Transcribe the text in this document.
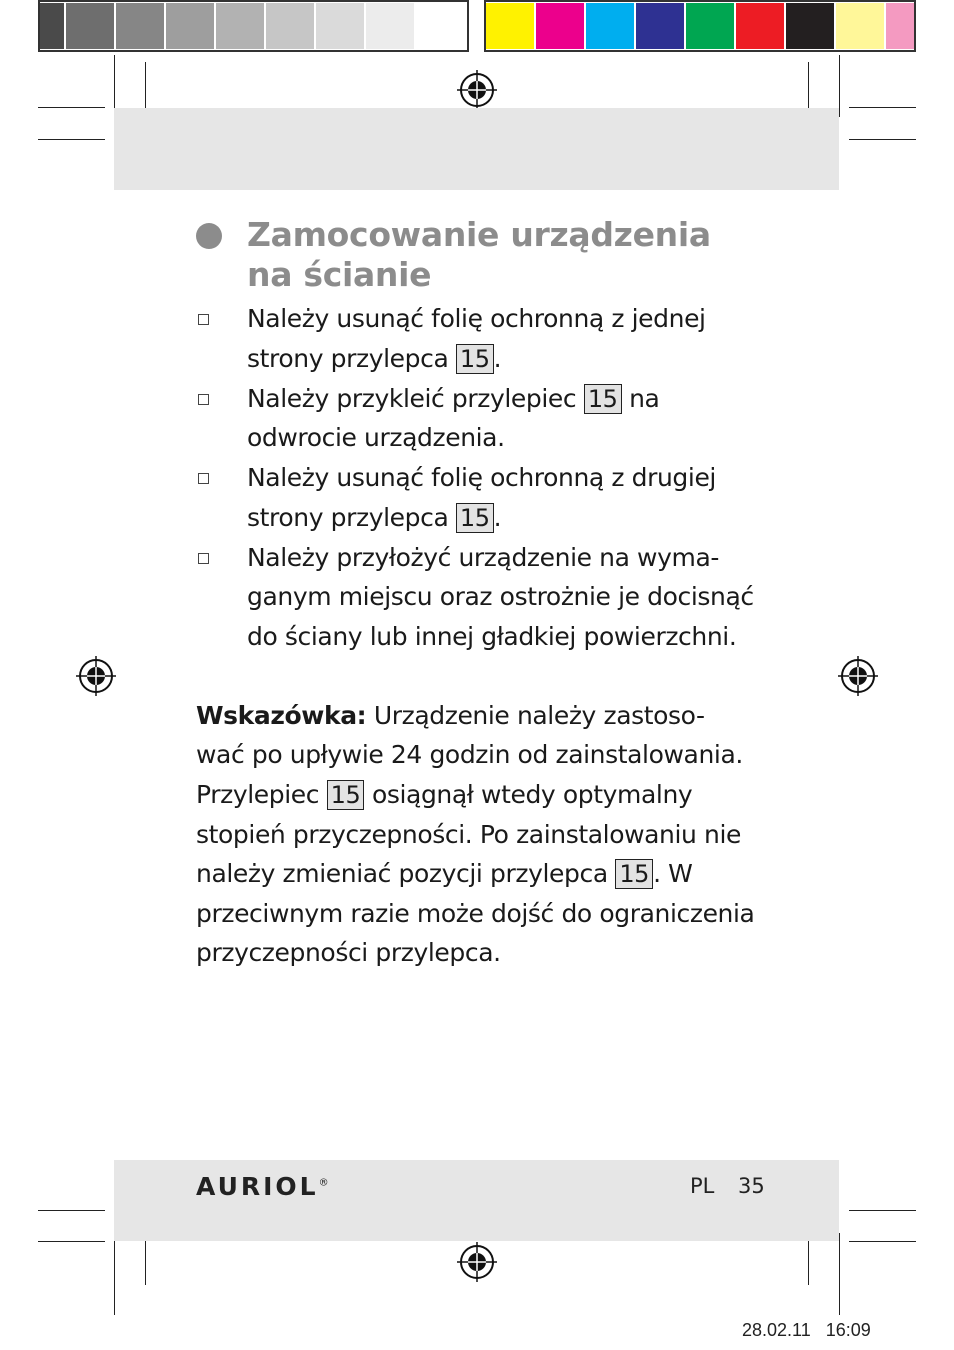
Zamocowanie urządzenia
na ścianie
Należy usunąć folię ochronną z jednej
strony przylepca 15 .
Należy przykleić przylepiec 15 na
odwrocie urządzenia.
Należy usunąć folię ochronną z drugiej
strony przylepca 15 .
Należy przyłożyć urządzenie na wyma-
ganym miejscu oraz ostrożnie je docisnąć
do ściany lub innej gładkiej powierzchni.
Wskazówka: Urządzenie należy zastoso-
wać po upływie 24 godzin od zainstalowania.
Przylepiec 15 osiągnął wtedy optymalny
stopień przyczepności. Po zainstalowaniu nie
należy zmieniać pozycji przylepca 15 . W
przeciwnym razie może dojść do ograniczenia
przyczepności przylepca.
AURIOL®	PL 35
28.02.11   16:09
